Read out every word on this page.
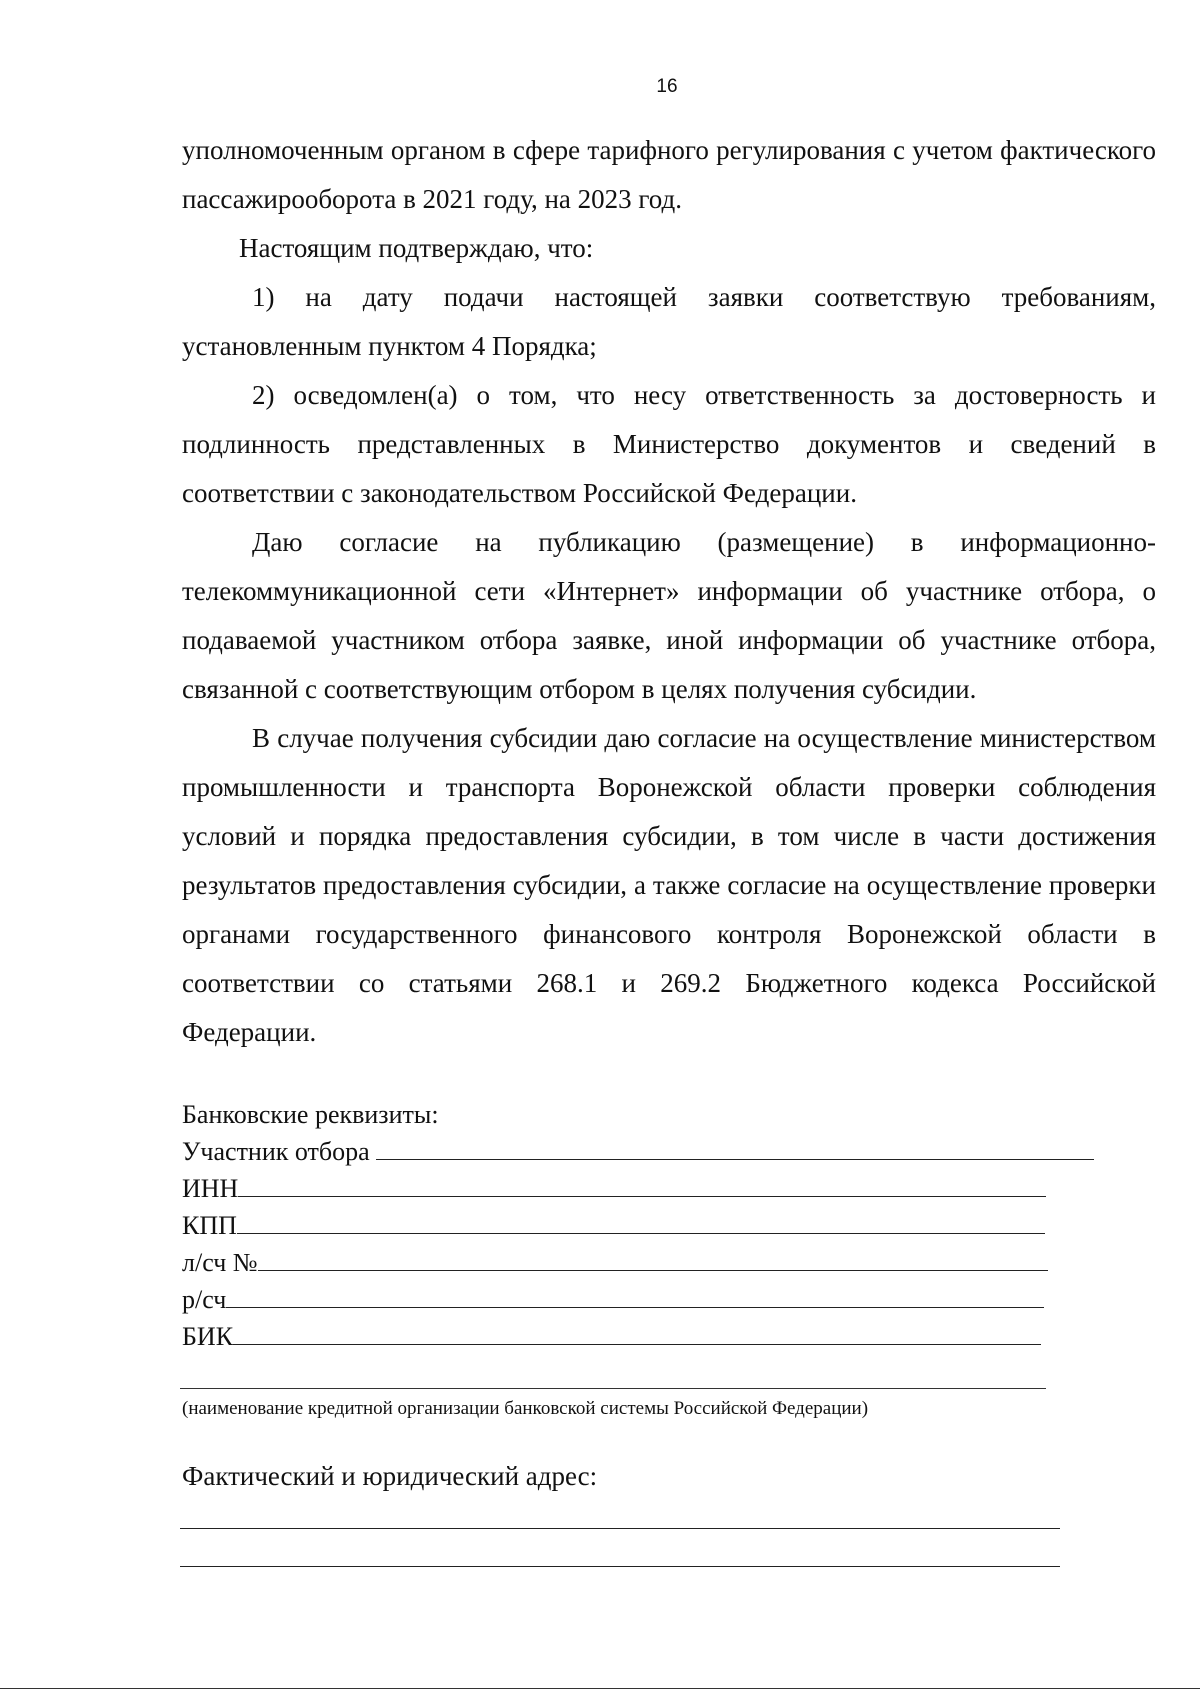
16

уполномоченным органом в сфере тарифного регулирования с учетом фактического пассажирооборота в 2021 году, на 2023 год.

Настоящим подтверждаю, что:

1) на дату подачи настоящей заявки соответствую требованиям, установленным пунктом 4 Порядка;

2) осведомлен(а) о том, что несу ответственность за достоверность и подлинность представленных в Министерство документов и сведений в соответствии с законодательством Российской Федерации.

Даю согласие на публикацию (размещение) в информационно-телекоммуникационной сети «Интернет» информации об участнике отбора, о подаваемой участником отбора заявке, иной информации об участнике отбора, связанной с соответствующим отбором в целях получения субсидии.

В случае получения субсидии даю согласие на осуществление министерством промышленности и транспорта Воронежской области проверки соблюдения условий и порядка предоставления субсидии, в том числе в части достижения результатов предоставления субсидии, а также согласие на осуществление проверки органами государственного финансового контроля Воронежской области в соответствии со статьями 268.1 и 269.2 Бюджетного кодекса Российской Федерации.

Банковские реквизиты:
Участник отбора
ИНН
КПП
л/сч №
р/сч
БИК
(наименование кредитной организации банковской системы Российской Федерации)
Фактический и юридический адрес:
